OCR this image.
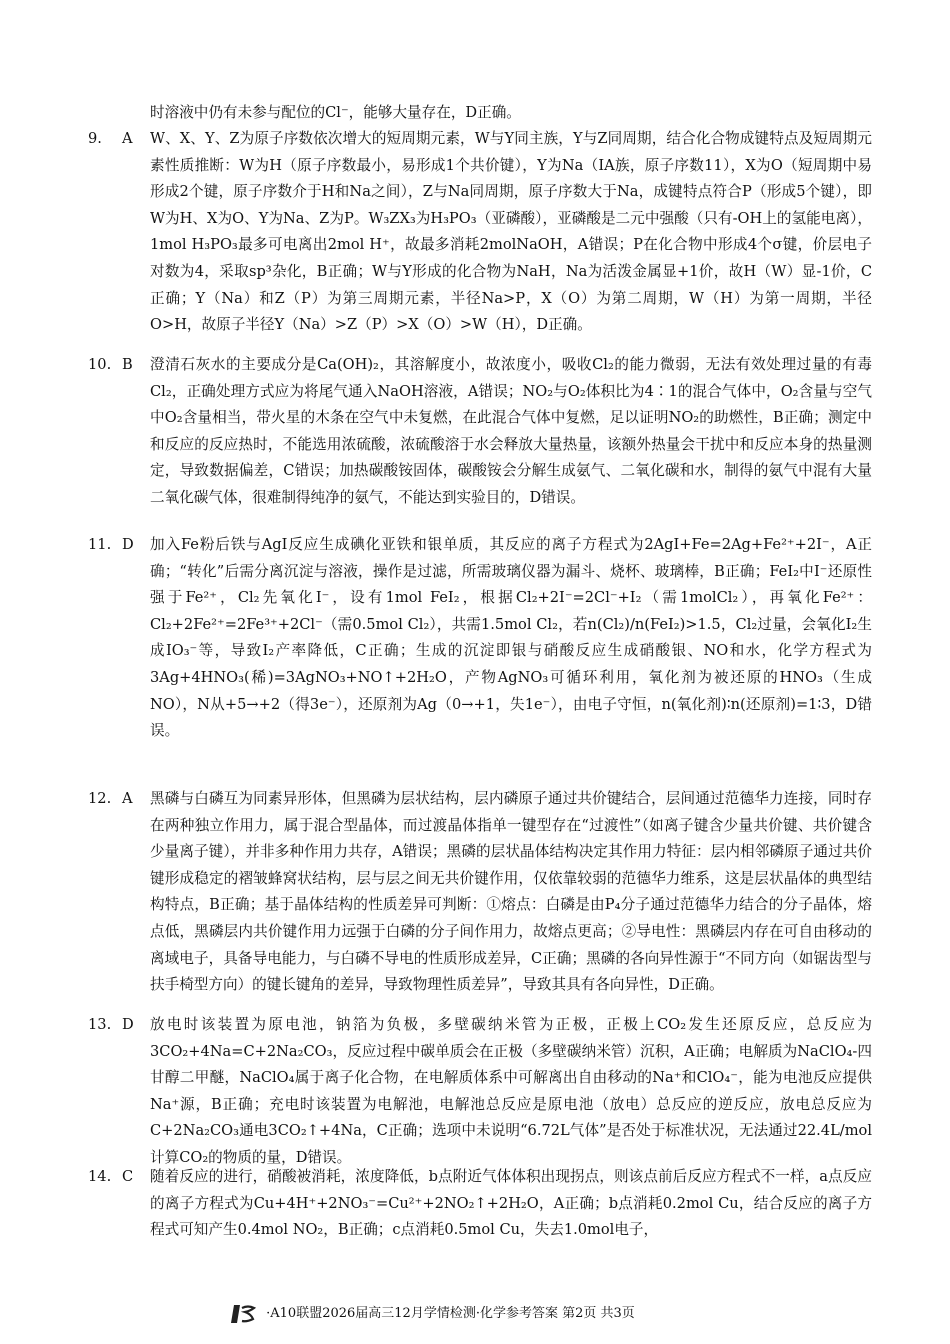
时溶液中仍有未参与配位的Cl⁻，能够大量存在，D正确。

9.	A	W、X、Y、Z为原子序数依次增大的短周期元素，W与Y同主族，Y与Z同周期，结合化合物成键特点及短周期元素性质推断：W为H（原子序数最小，易形成1个共价键），Y为Na（IA族，原子序数11），X为O（短周期中易形成2个键，原子序数介于H和Na之间），Z与Na同周期，原子序数大于Na，成键特点符合P（形成5个键），即W为H、X为O、Y为Na、Z为P。W₃ZX₃为H₃PO₃（亚磷酸），亚磷酸是二元中强酸（只有-OH上的氢能电离），1mol H₃PO₃最多可电离出2mol H⁺，故最多消耗2molNaOH，A错误；P在化合物中形成4个σ键，价层电子对数为4，采取sp³杂化，B正确；W与Y形成的化合物为NaH，Na为活泼金属显+1价，故H（W）显-1价，C正确；Y（Na）和Z（P）为第三周期元素，半径Na>P，X（O）为第二周期，W（H）为第一周期，半径O>H，故原子半径Y（Na）>Z（P）>X（O）>W（H），D正确。
10. B	澄清石灰水的主要成分是Ca(OH)₂，其溶解度小，故浓度小，吸收Cl₂的能力微弱，无法有效处理过量的有毒Cl₂，正确处理方式应为将尾气通入NaOH溶液，A错误；NO₂与O₂体积比为4∶1的混合气体中，O₂含量与空气中O₂含量相当，带火星的木条在空气中未复燃，在此混合气体中复燃，足以证明NO₂的助燃性，B正确；测定中和反应的反应热时，不能选用浓硫酸，浓硫酸溶于水会释放大量热量，该额外热量会干扰中和反应本身的热量测定，导致数据偏差，C错误；加热碳酸铵固体，碳酸铵会分解生成氨气、二氧化碳和水，制得的氨气中混有大量二氧化碳气体，很难制得纯净的氨气，不能达到实验目的，D错误。
11. D	加入Fe粉后铁与AgI反应生成碘化亚铁和银单质，其反应的离子方程式为2AgI+Fe=2Ag+Fe²⁺+2I⁻，A正确；“转化”后需分离沉淀与溶液，操作是过滤，所需玻璃仪器为漏斗、烧杯、玻璃棒，B正确；FeI₂中I⁻还原性强于Fe²⁺，Cl₂先氧化I⁻，设有1mol FeI₂，根据Cl₂+2I⁻=2Cl⁻+I₂（需1molCl₂），再氧化Fe²⁺：Cl₂+2Fe²⁺=2Fe³⁺+2Cl⁻（需0.5mol Cl₂），共需1.5mol Cl₂，若n(Cl₂)/n(FeI₂)>1.5，Cl₂过量，会氧化I₂生成IO₃⁻等，导致I₂产率降低，C正确；生成的沉淀即银与硝酸反应生成硝酸银、NO和水，化学方程式为3Ag+4HNO₃(稀)=3AgNO₃+NO↑+2H₂O，产物AgNO₃可循环利用，氧化剂为被还原的HNO₃（生成NO），N从+5→+2（得3e⁻），还原剂为Ag（0→+1，失1e⁻），由电子守恒，n(氧化剂)∶n(还原剂)=1∶3，D错误。
12. A	黑磷与白磷互为同素异形体，但黑磷为层状结构，层内磷原子通过共价键结合，层间通过范德华力连接，同时存在两种独立作用力，属于混合型晶体，而过渡晶体指单一键型存在“过渡性”（如离子键含少量共价键、共价键含少量离子键），并非多种作用力共存，A错误；黑磷的层状晶体结构决定其作用力特征：层内相邻磷原子通过共价键形成稳定的褶皱蜂窝状结构，层与层之间无共价键作用，仅依靠较弱的范德华力维系，这是层状晶体的典型结构特点，B正确；基于晶体结构的性质差异可判断：①熔点：白磷是由P₄分子通过范德华力结合的分子晶体，熔点低，黑磷层内共价键作用力远强于白磷的分子间作用力，故熔点更高；②导电性：黑磷层内存在可自由移动的离域电子，具备导电能力，与白磷不导电的性质形成差异，C正确；黑磷的各向异性源于“不同方向（如锯齿型与扶手椅型方向）的键长键角的差异，导致物理性质差异”，导致其具有各向异性，D正确。
13. D	放电时该装置为原电池，钠箔为负极，多壁碳纳米管为正极，正极上CO₂发生还原反应，总反应为3CO₂+4Na=C+2Na₂CO₃，反应过程中碳单质会在正极（多壁碳纳米管）沉积，A正确；电解质为NaClO₄-四甘醇二甲醚，NaClO₄属于离子化合物，在电解质体系中可解离出自由移动的Na⁺和ClO₄⁻，能为电池反应提供Na⁺源，B正确；充电时该装置为电解池，电解池总反应是原电池（放电）总反应的逆反应，放电总反应为C+2Na₂CO₃通电3CO₂↑+4Na，C正确；选项中未说明“6.72L气体”是否处于标准状况，无法通过22.4L/mol计算CO₂的物质的量，D错误。
14. C	随着反应的进行，硝酸被消耗，浓度降低，b点附近气体体积出现拐点，则该点前后反应方程式不一样，a点反应的离子方程式为Cu+4H⁺+2NO₃⁻=Cu²⁺+2NO₂↑+2H₂O，A正确；b点消耗0.2mol Cu，结合反应的离子方程式可知产生0.4mol NO₂，B正确；c点消耗0.5mol Cu，失去1.0mol电子，
·A10联盟2026届高三12月学情检测·化学参考答案 第2页 共3页
